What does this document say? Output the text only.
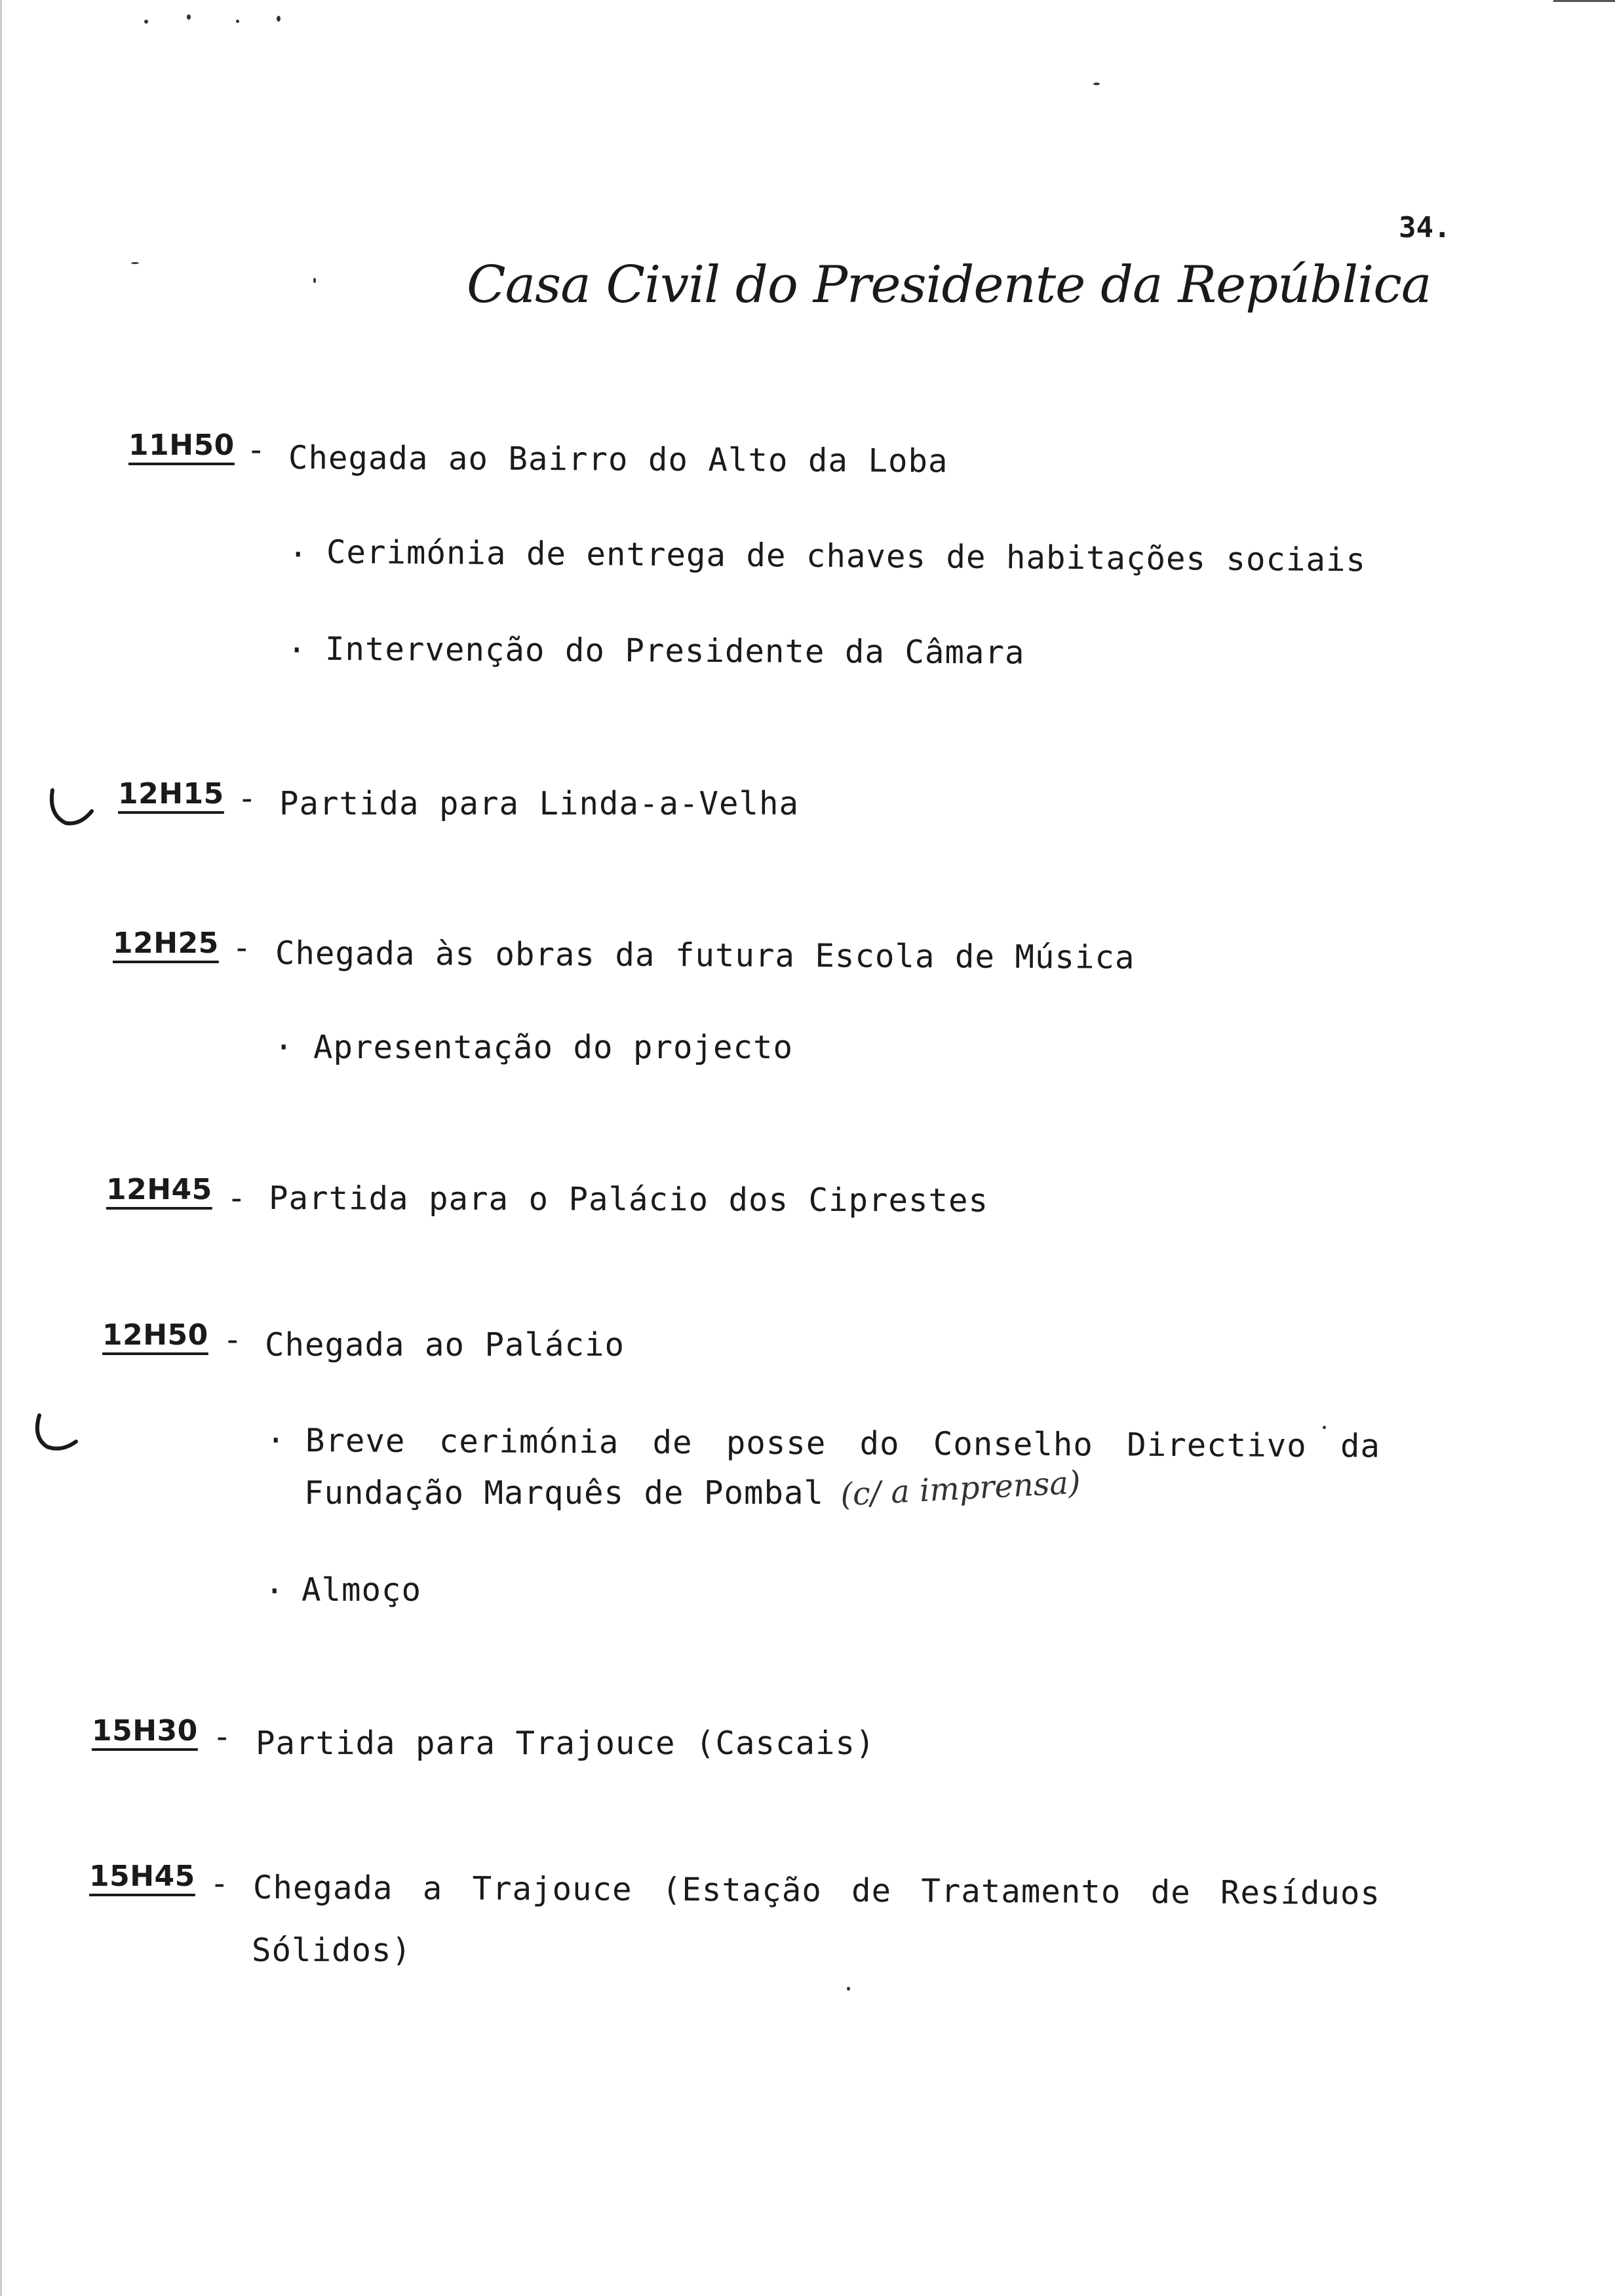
34.
Casa Civil do Presidente da República
11H50 - Chegada ao Bairro do Alto da Loba
· Cerimónia de entrega de chaves de habitações sociais
· Intervenção do Presidente da Câmara
12H15 - Partida para Linda-a-Velha
12H25 - Chegada às obras da futura Escola de Música
· Apresentação do projecto
12H45 - Partida para o Palácio dos Ciprestes
12H50 - Chegada ao Palácio
· Breve cerimónia de posse do Conselho Directivo da
Fundação Marquês de Pombal (c/ a imprensa)
· Almoço
15H30 - Partida para Trajouce (Cascais)
15H45 - Chegada a Trajouce (Estação de Tratamento de Resíduos
Sólidos)
